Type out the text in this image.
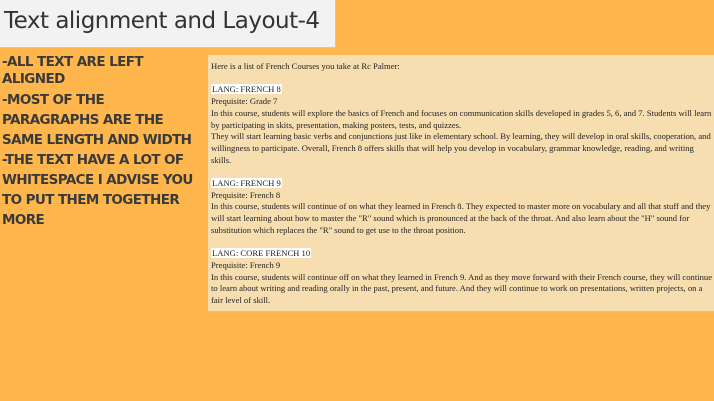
Text alignment and Layout-4
-ALL TEXT ARE LEFT ALIGNED
-MOST OF THE PARAGRAPHS ARE THE SAME LENGTH AND WIDTH
-THE TEXT HAVE A LOT OF WHITESPACE I ADVISE YOU TO PUT THEM TOGETHER MORE

Here is a list of French Courses you take at Rc Palmer:

LANG: FRENCH 8

Prequisite: Grade 7

In this course, students will explore the basics of French and focuses on communication skills developed in grades 5, 6, and 7. Students will learn by participating in skits, presentation, making posters, tests, and quizzes.

They will start learning basic verbs and conjunctions just like in elementary school. By learning, they will develop in oral skills, cooperation, and willingness to participate. Overall, French 8 offers skills that will help you develop in vocabulary, grammar knowledge, reading, and writing skills.

LANG: FRENCH 9

Prequisite: French 8

In this course, students will continue of on what they learned in French 8. They expected to master more on vocabulary and all that stuff and they will start learning about how to master the "R" sound which is pronounced at the back of the throat. And also learn about the "H" sound for substitution which replaces the "R" sound to get use to the throat position.

LANG: CORE FRENCH 10

Prequisite: French 9

In this course, students will continue off on what they learned in French 9. And as they move forward with their French course, they will continue to learn about writing and reading orally in the past, present, and future. And they will continue to work on presentations, written projects, on a fair level of skill.
